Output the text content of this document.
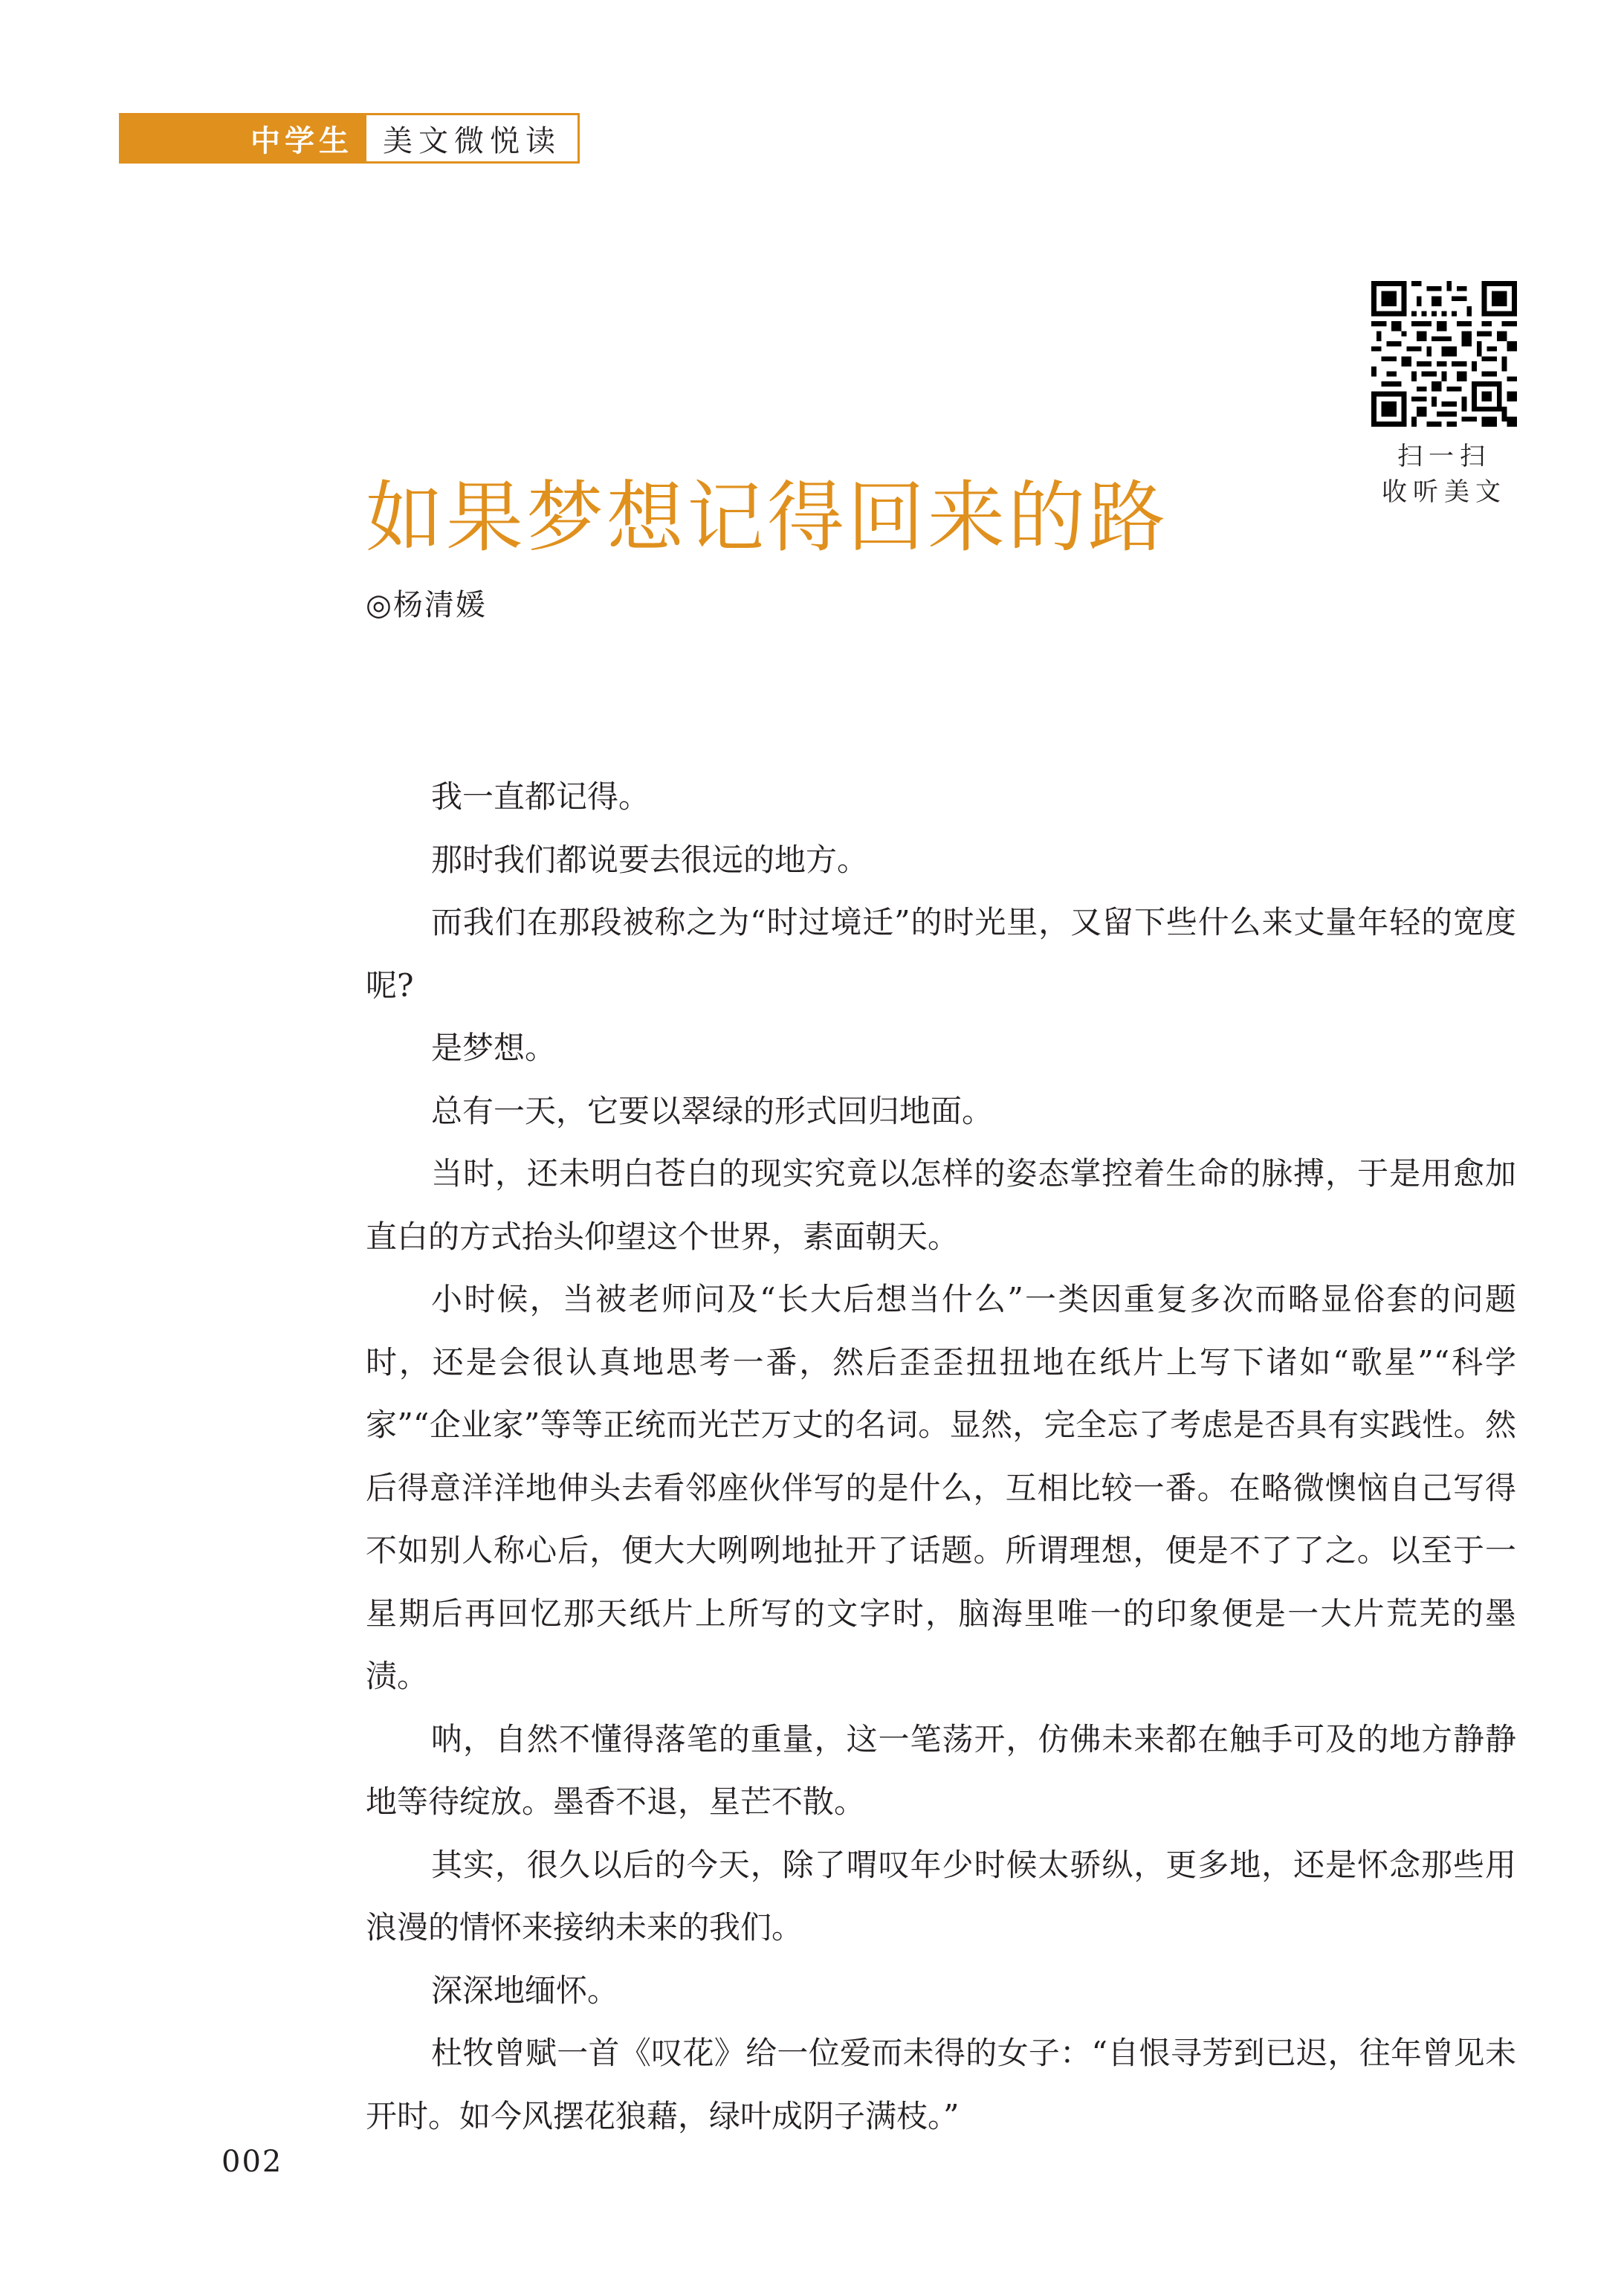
中学生	美文微悦读
扫一扫
收听美文
如果梦想记得回来的路
◎杨清媛

我一直都记得。

那时我们都说要去很远的地方。

而我们在那段被称之为“时过境迁”的时光里，又留下些什么来丈量年轻的宽度呢?

是梦想。

总有一天，它要以翠绿的形式回归地面。

当时，还未明白苍白的现实究竟以怎样的姿态掌控着生命的脉搏，于是用愈加直白的方式抬头仰望这个世界，素面朝天。

小时候，当被老师问及“长大后想当什么”一类因重复多次而略显俗套的问题时，还是会很认真地思考一番，然后歪歪扭扭地在纸片上写下诸如“歌星”“科学家”“企业家”等等正统而光芒万丈的名词。显然，完全忘了考虑是否具有实践性。然后得意洋洋地伸头去看邻座伙伴写的是什么，互相比较一番。在略微懊恼自己写得不如别人称心后，便大大咧咧地扯开了话题。所谓理想，便是不了了之。以至于一星期后再回忆那天纸片上所写的文字时，脑海里唯一的印象便是一大片荒芜的墨渍。

呐，自然不懂得落笔的重量，这一笔荡开，仿佛未来都在触手可及的地方静静地等待绽放。墨香不退，星芒不散。

其实，很久以后的今天，除了喟叹年少时候太骄纵，更多地，还是怀念那些用浪漫的情怀来接纳未来的我们。

深深地缅怀。

杜牧曾赋一首《叹花》给一位爱而未得的女子：“自恨寻芳到已迟，往年曾见未开时。如今风摆花狼藉，绿叶成阴子满枝。”

002
